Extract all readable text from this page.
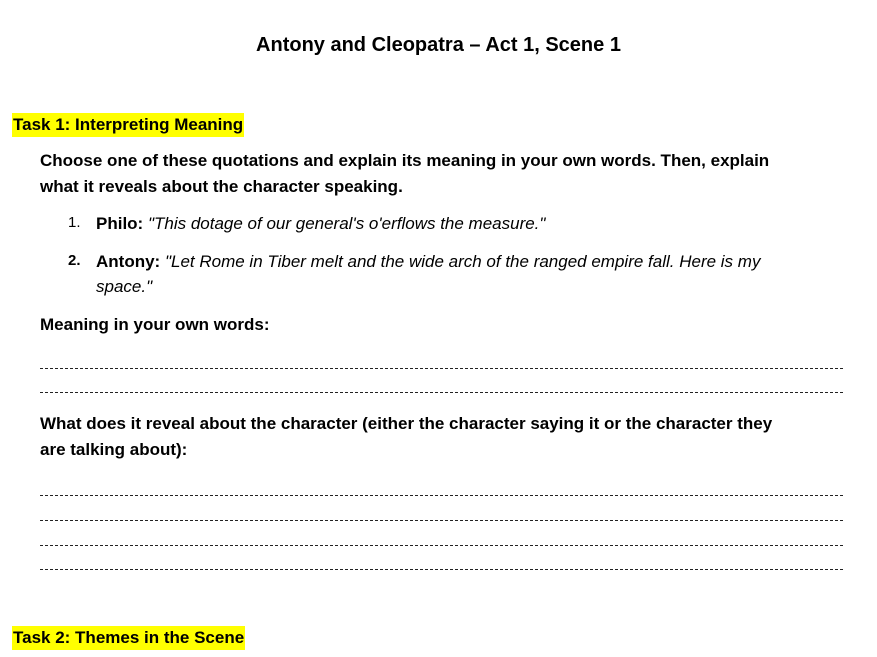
Antony and Cleopatra – Act 1, Scene 1
Task 1: Interpreting Meaning
Choose one of these quotations and explain its meaning in your own words. Then, explain
what it reveals about the character speaking.
1. Philo: "This dotage of our general's o'erflows the measure."
2. Antony: "Let Rome in Tiber melt and the wide arch of the ranged empire fall. Here is my
space."
Meaning in your own words:
What does it reveal about the character (either the character saying it or the character they
are talking about):
Task 2: Themes in the Scene
